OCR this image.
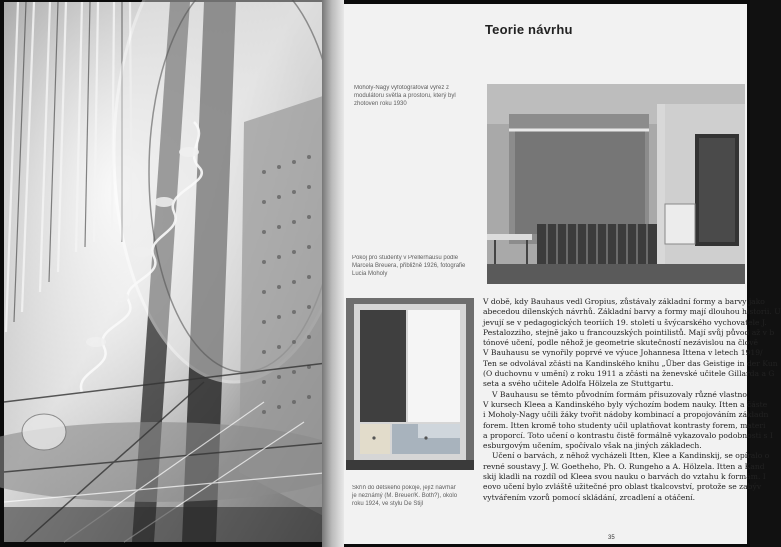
Moholy-Nagy vyfotografoval výřez z modulátoru světla a prostoru, který byl zhotoven roku 1930
Pokoj pro studenty v Prellerhausu podle Marcela Breuera, přibližně 1926, fotografie Lucia Moholy
Skříň do dětského pokoje, jejíž návrhář je neznámý (M. Breuer/K. Both?), okolo roku 1924, ve stylu De Stijl
Teorie návrhu

V době, kdy Bauhaus vedl Gropius, zůstávaly základní formy a barvy jako

abecedou dílenských návrhů. Základní barvy a formy mají dlouhou historii. U

jevují se v pedagogických teoriích 19. století u švýcarského vychovatele J.

Pestalozziho, stejně jako u francouzských pointilistů. Mají svůj původ až v b

tónové učení, podle něhož je geometrie skutečností nezávislou na člově

V Bauhausu se vynořily poprvé ve výuce Johannesa Ittena v letech 1919/

Ten se odvolával zčásti na Kandinského knihu „Über das Geistige in der Kun

(O duchovnu v umění) z roku 1911 a zčásti na ženevské učitele Gillarda a G

seta a svého učitele Adolfa Hölzela ze Stuttgartu.

V Bauhausu se těmto původním formám přisuzovaly různé vlastno

V kursech Kleea a Kandinského byly výchozím bodem nauky. Itten a částe

i Moholy-Nagy učili žáky tvořit nádoby kombinací a propojováním základn

forem. Itten kromě toho studenty učil uplatňovat kontrasty forem, materi

a proporcí. Toto učení o kontrastu čistě formálně vykazovalo podobnosti s I

esburgovým učením, spočívalo však na jiných základech.

Učení o barvách, z něhož vycházeli Itten, Klee a Kandinskij, se opíralo o

revné soustavy J. W. Goetheho, Ph. O. Rungeho a A. Hölzela. Itten a Kand

skij kladli na rozdíl od Kleea svou nauku o barvách do vztahu k formám. I

eovo učení bylo zvláště užitečné pro oblast tkalcovství, protože se zabýv

vytvářením vzorů pomocí skládání, zrcadlení a otáčení.

35
